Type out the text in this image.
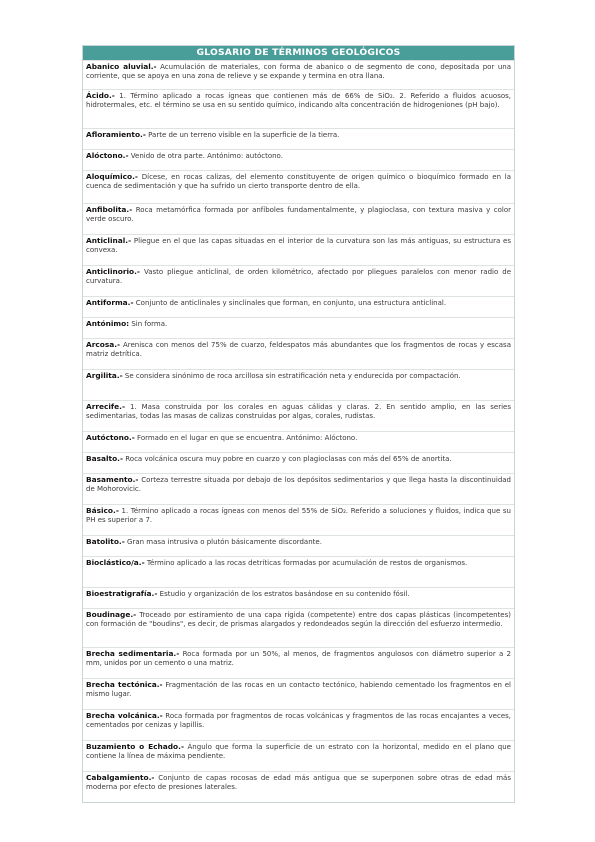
GLOSARIO DE TÉRMINOS GEOLÓGICOS
Abanico aluvial.- Acumulación de materiales, con forma de abanico o de segmento de cono, depositada por una corriente, que se apoya en una zona de relieve y se expande y termina en otra llana.
Ácido.- 1. Término aplicado a rocas ígneas que contienen más de 66% de SiO₂. 2. Referido a fluidos acuosos, hidrotermales, etc. el término se usa en su sentido químico, indicando alta concentración de hidrogeniones (pH bajo).
Afloramiento.- Parte de un terreno visible en la superficie de la tierra.
Alóctono.- Venido de otra parte. Antónimo: autóctono.
Aloquímico.- Dícese, en rocas calizas, del elemento constituyente de origen químico o bioquímico formado en la cuenca de sedimentación y que ha sufrido un cierto transporte dentro de ella.
Anfibolita.- Roca metamórfica formada por anfíboles fundamentalmente, y plagioclasa, con textura masiva y color verde oscuro.
Anticlinal.- Pliegue en el que las capas situadas en el interior de la curvatura son las más antiguas, su estructura es convexa.
Anticlinorio.- Vasto pliegue anticlinal, de orden kilométrico, afectado por pliegues paralelos con menor radio de curvatura.
Antiforma.- Conjunto de anticlinales y sinclinales que forman, en conjunto, una estructura anticlinal.
Antónimo: Sin forma.
Arcosa.- Arenisca con menos del 75% de cuarzo, feldespatos más abundantes que los fragmentos de rocas y escasa matriz detrítica.
Argilita.- Se considera sinónimo de roca arcillosa sin estratificación neta y endurecida por compactación.
Arrecife.- 1. Masa construida por los corales en aguas cálidas y claras. 2. En sentido amplio, en las series sedimentarias, todas las masas de calizas construidas por algas, corales, rudistas.
Autóctono.- Formado en el lugar en que se encuentra. Antónimo: Alóctono.
Basalto.- Roca volcánica oscura muy pobre en cuarzo y con plagioclasas con más del 65% de anortita.
Basamento.- Corteza terrestre situada por debajo de los depósitos sedimentarios y que llega hasta la discontinuidad de Mohorovicic.
Básico.- 1. Término aplicado a rocas ígneas con menos del 55% de SiO₂. Referido a soluciones y fluidos, indica que su PH es superior a 7.
Batolito.- Gran masa intrusiva o plutón básicamente discordante.
Bioclástico/a.- Término aplicado a las rocas detríticas formadas por acumulación de restos de organismos.
Bioestratigrafía.- Estudio y organización de los estratos basándose en su contenido fósil.
Boudinage.- Troceado por estiramiento de una capa rígida (competente) entre dos capas plásticas (incompetentes) con formación de "boudins", es decir, de prismas alargados y redondeados según la dirección del esfuerzo intermedio.
Brecha sedimentaria.- Roca formada por un 50%, al menos, de fragmentos angulosos con diámetro superior a 2 mm, unidos por un cemento o una matriz.
Brecha tectónica.- Fragmentación de las rocas en un contacto tectónico, habiendo cementado los fragmentos en el mismo lugar.
Brecha volcánica.- Roca formada por fragmentos de rocas volcánicas y fragmentos de las rocas encajantes a veces, cementados por cenizas y lapillis.
Buzamiento o Echado.- Ángulo que forma la superficie de un estrato con la horizontal, medido en el plano que contiene la línea de máxima pendiente.
Cabalgamiento.- Conjunto de capas rocosas de edad más antigua que se superponen sobre otras de edad más moderna por efecto de presiones laterales.
